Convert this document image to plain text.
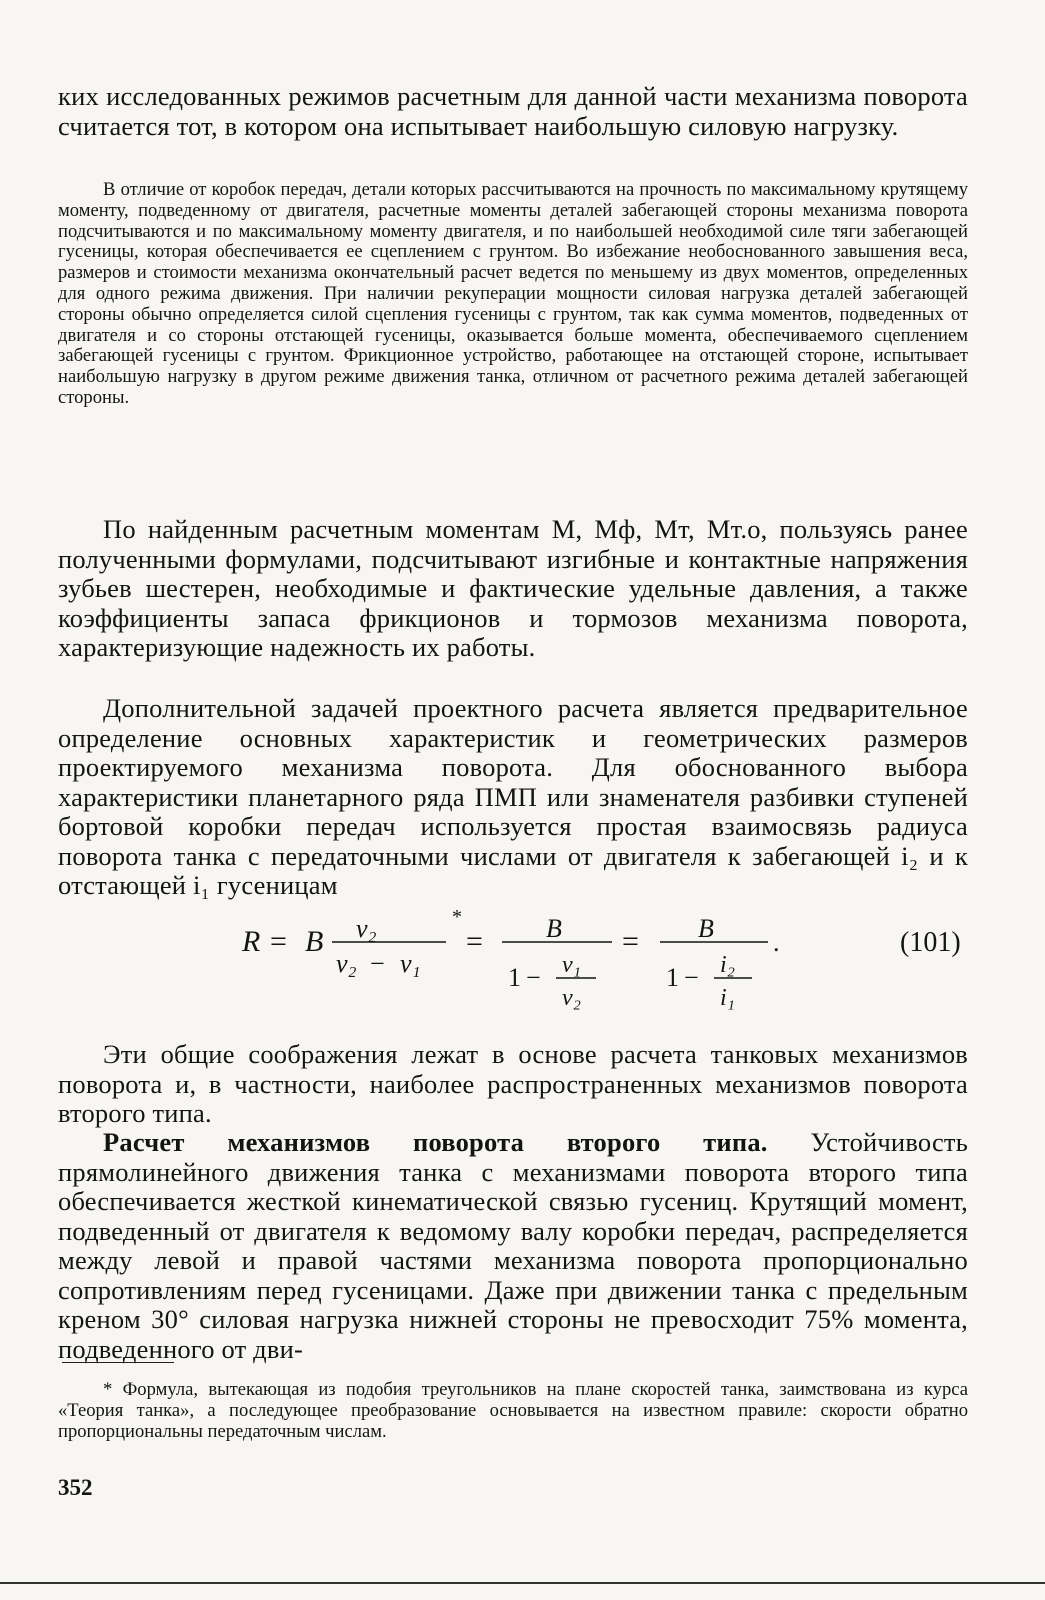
ких исследованных режимов расчетным для данной части механизма поворота считается тот, в котором она испытывает наибольшую силовую нагрузку.

В отличие от коробок передач, детали которых рассчитываются на прочность по максимальному крутящему моменту, подведенному от двигателя, расчетные моменты деталей забегающей стороны механизма поворота подсчитываются и по максимальному моменту двигателя, и по наибольшей необходимой силе тяги забегающей гусеницы, которая обеспечивается ее сцеплением с грунтом. Во избежание необоснованного завышения веса, размеров и стоимости механизма окончательный расчет ведется по меньшему из двух моментов, определенных для одного режима движения. При наличии рекуперации мощности силовая нагрузка деталей забегающей стороны обычно определяется силой сцепления гусеницы с грунтом, так как сумма моментов, подведенных от двигателя и со стороны отстающей гусеницы, оказывается больше момента, обеспечиваемого сцеплением забегающей гусеницы с грунтом. Фрикционное устройство, работающее на отстающей стороне, испытывает наибольшую нагрузку в другом режиме движения танка, отличном от расчетного режима деталей забегающей стороны.

По найденным расчетным моментам M, Mф, Mт, Mт.о, пользуясь ранее полученными формулами, подсчитывают изгибные и контактные напряжения зубьев шестерен, необходимые и фактические удельные давления, а также коэффициенты запаса фрикционов и тормозов механизма поворота, характеризующие надежность их работы.

Дополнительной задачей проектного расчета является предварительное определение основных характеристик и геометрических размеров проектируемого механизма поворота. Для обоснованного выбора характеристики планетарного ряда ПМП или знаменателя разбивки ступеней бортовой коробки передач используется простая взаимосвязь радиуса поворота танка с передаточными числами от двигателя к забегающей i₂ и к отстающей i₁ гусеницам

R = B v₂
v₂ − v₁
*
= B
1 − v₁
v₂
= B
1 − i₂
i₁
.	(101)

Эти общие соображения лежат в основе расчета танковых механизмов поворота и, в частности, наиболее распространенных механизмов поворота второго типа.

Расчет механизмов поворота второго типа. Устойчивость прямолинейного движения танка с механизмами поворота второго типа обеспечивается жесткой кинематической связью гусениц. Крутящий момент, подведенный от двигателя к ведомому валу коробки передач, распределяется между левой и правой частями механизма поворота пропорционально сопротивлениям перед гусеницами. Даже при движении танка с предельным креном 30° силовая нагрузка нижней стороны не превосходит 75% момента, подведенного от дви-

* Формула, вытекающая из подобия треугольников на плане скоростей танка, заимствована из курса «Теория танка», а последующее преобразование основывается на известном правиле: скорости обратно пропорциональны передаточным числам.

352
